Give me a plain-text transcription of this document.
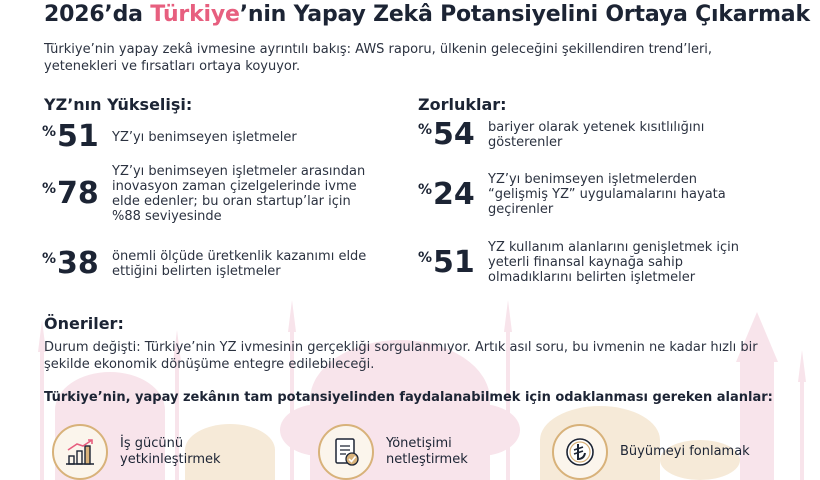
2026’da Türkiye’nin Yapay Zekâ Potansiyelini Ortaya Çıkarmak

Türkiye’nin yapay zekâ ivmesine ayrıntılı bakış: AWS raporu, ülkenin geleceğini şekillendiren trend’leri, yetenekleri ve fırsatları ortaya koyuyor.

YZ’nın Yükselişi:
% 51 YZ’yı benimseyen işletmeler
% 78
YZ’yı benimseyen işletmeler arasından inovasyon zaman çizelgelerinde ivme elde edenler; bu oran startup’lar için %88 seviyesinde
% 38 önemli ölçüde üretkenlik kazanımı elde ettiğini belirten işletmeler
Zorluklar:
% 54 bariyer olarak yetenek kısıtlılığını gösterenler
% 24 YZ’yı benimseyen işletmelerden “gelişmiş YZ” uygulamalarını hayata geçirenler
% 51 YZ kullanım alanlarını genişletmek için yeterli finansal kaynağa sahip olmadıklarını belirten işletmeler
Öneriler:

Durum değişti: Türkiye’nin YZ ivmesinin gerçekliği sorgulanmıyor. Artık asıl soru, bu ivmenin ne kadar hızlı bir şekilde ekonomik dönüşüme entegre edilebileceği.

Türkiye’nin, yapay zekânın tam potansiyelinden faydalanabilmek için odaklanması gereken alanlar:
İş gücünü
yetkinleştirmek
Yönetişimi
netleştirmek
Büyümeyi fonlamak
